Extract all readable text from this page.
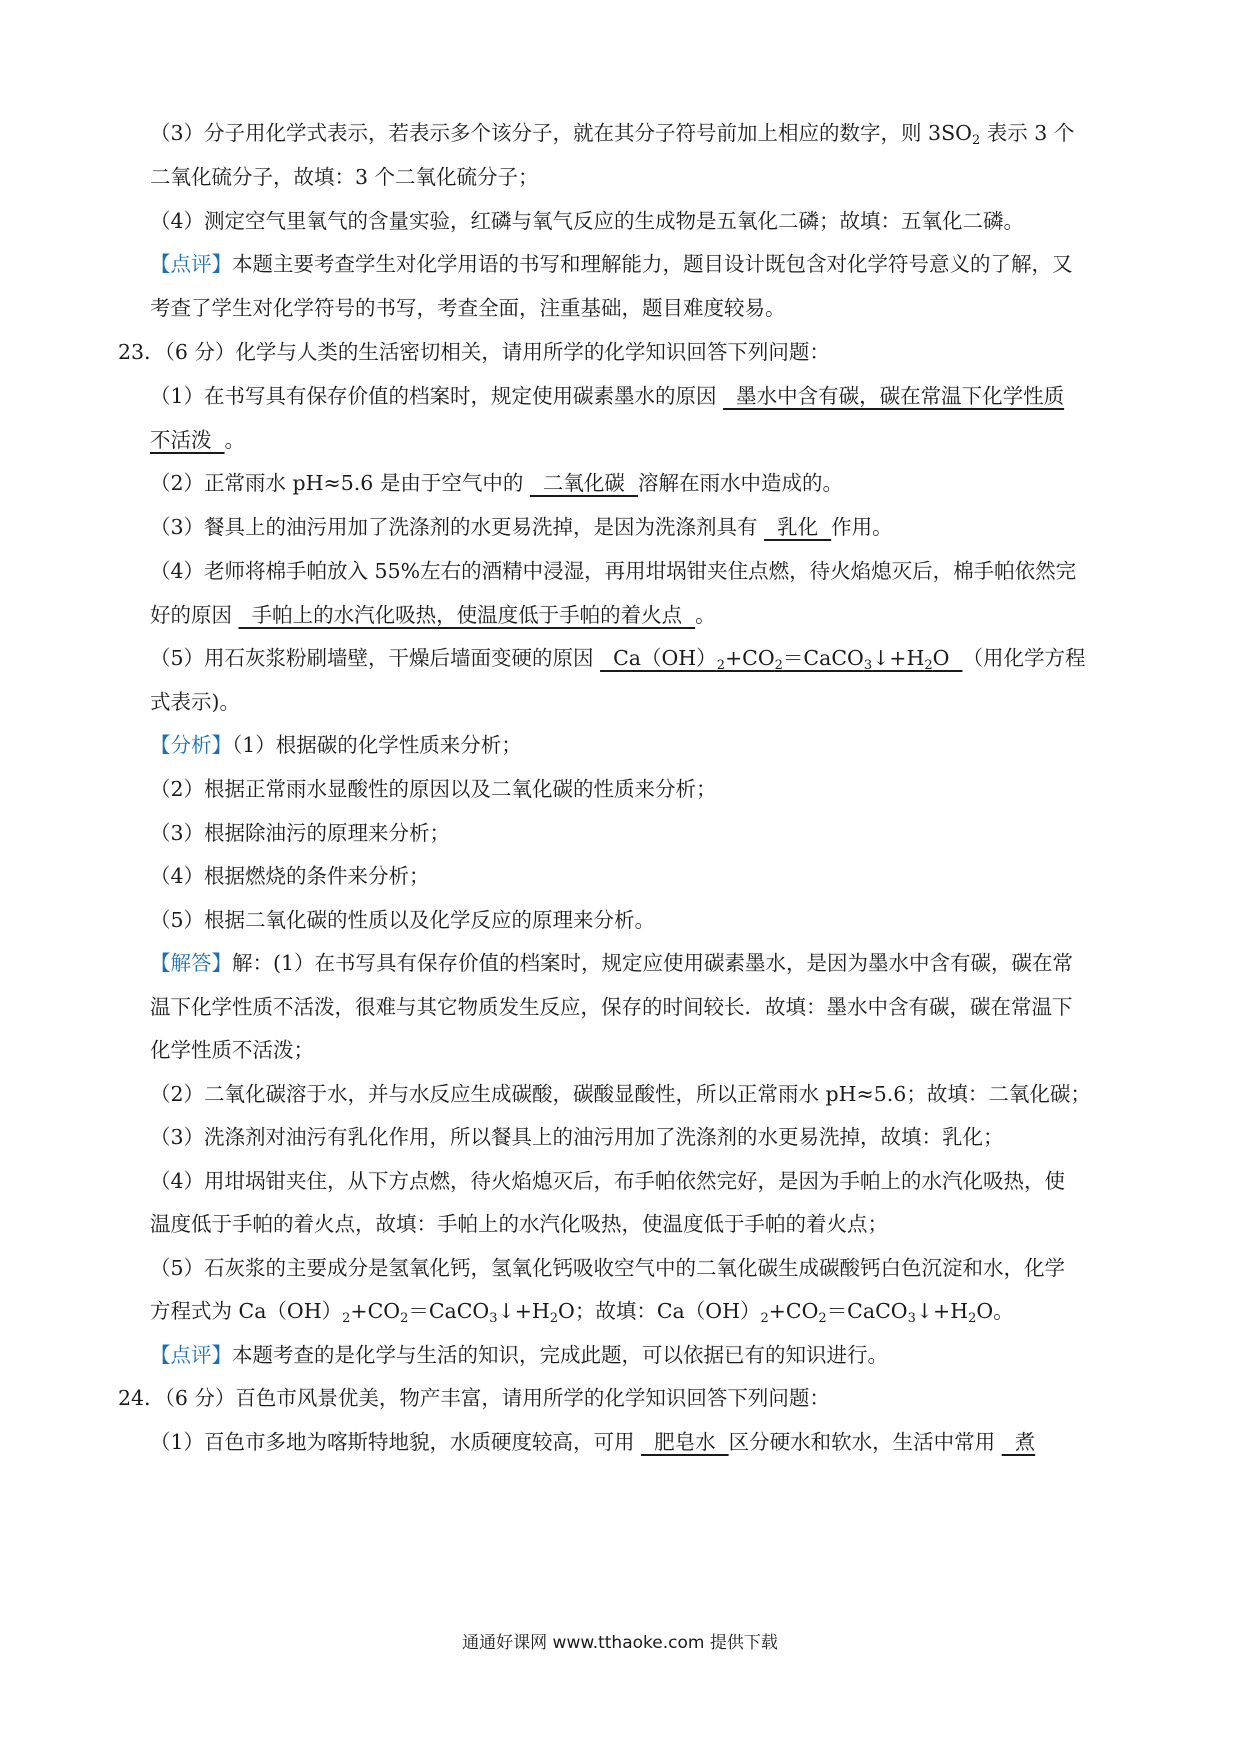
（3）分子用化学式表示，若表示多个该分子，就在其分子符号前加上相应的数字，则 $3SO_2$ 表示 3 个
二氧化硫分子，故填：3 个二氧化硫分子；
（4）测定空气里氧气的含量实验，红磷与氧气反应的生成物是五氧化二磷；故填：五氧化二磷。
【点评】本题主要考查学生对化学用语的书写和理解能力，题目设计既包含对化学符号意义的了解，又
考查了学生对化学符号的书写，考查全面，注重基础，题目难度较易。
23．（6 分）化学与人类的生活密切相关，请用所学的化学知识回答下列问题：
（1）在书写具有保存价值的档案时，规定使用碳素墨水的原因   墨水中含有碳，碳在常温下化学性质
不活泼  。
（2）正常雨水 pH≈5.6 是由于空气中的   二氧化碳  溶解在雨水中造成的。
（3）餐具上的油污用加了洗涤剂的水更易洗掉，是因为洗涤剂具有   乳化  作用。
（4）老师将棉手帕放入 55%左右的酒精中浸湿，再用坩埚钳夹住点燃，待火焰熄灭后，棉手帕依然完
好的原因   手帕上的水汽化吸热，使温度低于手帕的着火点  。
（5）用石灰浆粉刷墙壁，干燥后墙面变硬的原因   $Ca(OH)_2+CO_2=CaCO_3↓+H_2O$  （用化学方程
式表示)。
【分析】（1）根据碳的化学性质来分析；
（2）根据正常雨水显酸性的原因以及二氧化碳的性质来分析；
（3）根据除油污的原理来分析；
（4）根据燃烧的条件来分析；
（5）根据二氧化碳的性质以及化学反应的原理来分析。
【解答】解：(1）在书写具有保存价值的档案时，规定应使用碳素墨水，是因为墨水中含有碳，碳在常
温下化学性质不活泼，很难与其它物质发生反应，保存的时间较长．故填：墨水中含有碳，碳在常温下
化学性质不活泼；
（2）二氧化碳溶于水，并与水反应生成碳酸，碳酸显酸性，所以正常雨水 pH≈5.6；故填：二氧化碳；
（3）洗涤剂对油污有乳化作用，所以餐具上的油污用加了洗涤剂的水更易洗掉，故填：乳化；
（4）用坩埚钳夹住，从下方点燃，待火焰熄灭后，布手帕依然完好，是因为手帕上的水汽化吸热，使
温度低于手帕的着火点，故填：手帕上的水汽化吸热，使温度低于手帕的着火点；
（5）石灰浆的主要成分是氢氧化钙，氢氧化钙吸收空气中的二氧化碳生成碳酸钙白色沉淀和水，化学
方程式为 $Ca(OH)_2+CO_2=CaCO_3↓+H_2O$；故填：$Ca(OH)_2+CO_2=CaCO_3↓+H_2O$。
【点评】本题考查的是化学与生活的知识，完成此题，可以依据已有的知识进行。
24．（6 分）百色市风景优美，物产丰富，请用所学的化学知识回答下列问题：
（1）百色市多地为喀斯特地貌，水质硬度较高，可用   肥皂水  区分硬水和软水，生活中常用   煮
通通好课网 www.tthaoke.com 提供下载
